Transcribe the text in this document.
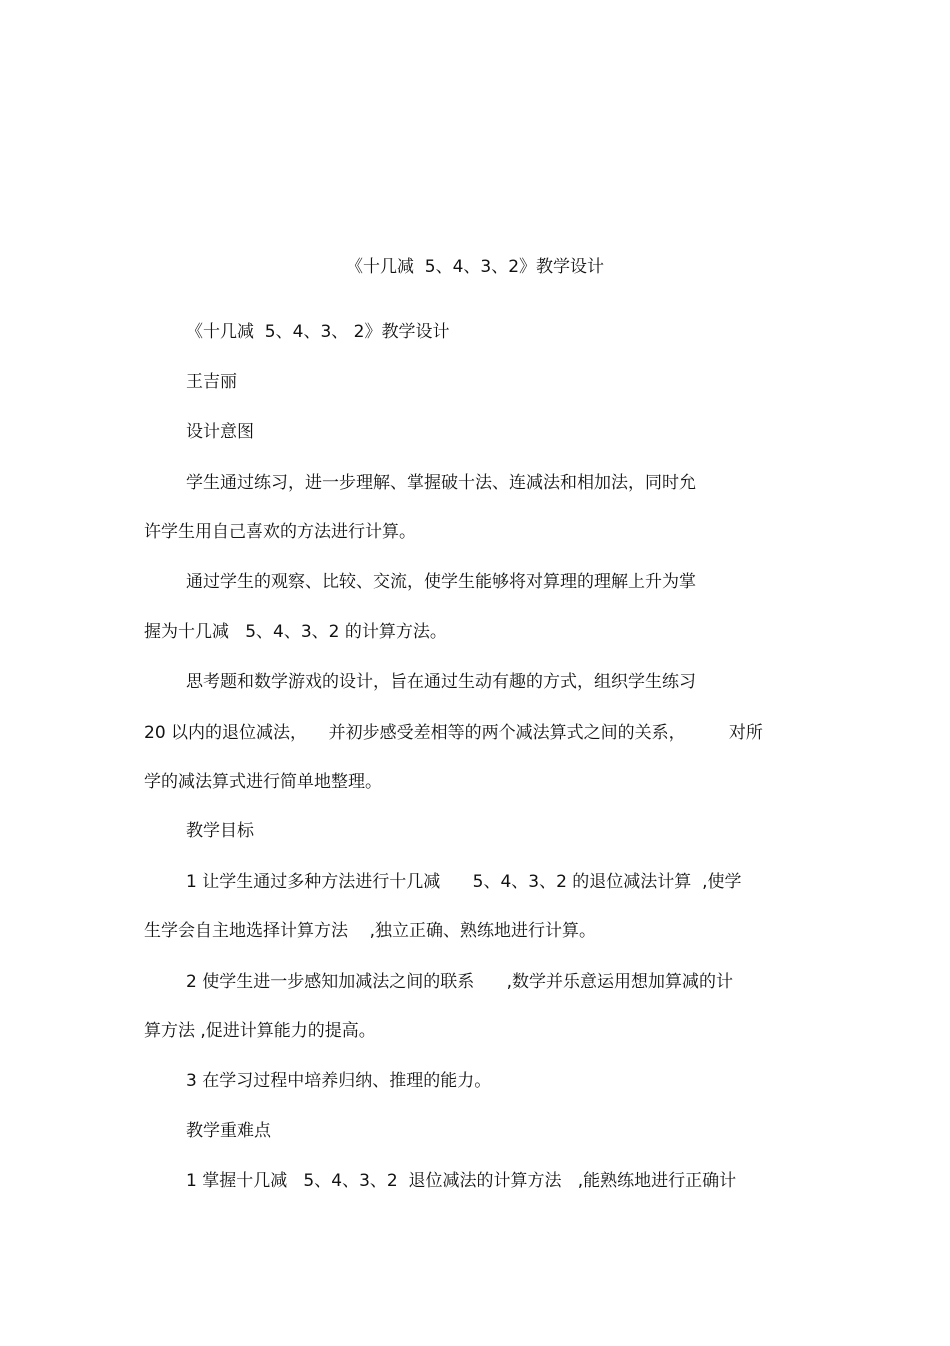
《十几减  5、4、3、2》教学设计

《十几减  5、4、3、 2》教学设计

王吉丽

设计意图

学生通过练习，进一步理解、掌握破十法、连减法和相加法，同时允

许学生用自己喜欢的方法进行计算。

通过学生的观察、比较、交流，使学生能够将对算理的理解上升为掌

握为十几减   5、4、3、2 的计算方法。

思考题和数学游戏的设计，旨在通过生动有趣的方式，组织学生练习

20 以内的退位减法，    并初步感受差相等的两个减法算式之间的关系，        对所

学的减法算式进行简单地整理。

教学目标

1 让学生通过多种方法进行十几减      5、4、3、2 的退位减法计算  ,使学

生学会自主地选择计算方法    ,独立正确、熟练地进行计算。

2 使学生进一步感知加减法之间的联系      ,数学并乐意运用想加算减的计

算方法 ,促进计算能力的提高。

3 在学习过程中培养归纳、推理的能力。

教学重难点

1 掌握十几减   5、4、3、2  退位减法的计算方法   ,能熟练地进行正确计
